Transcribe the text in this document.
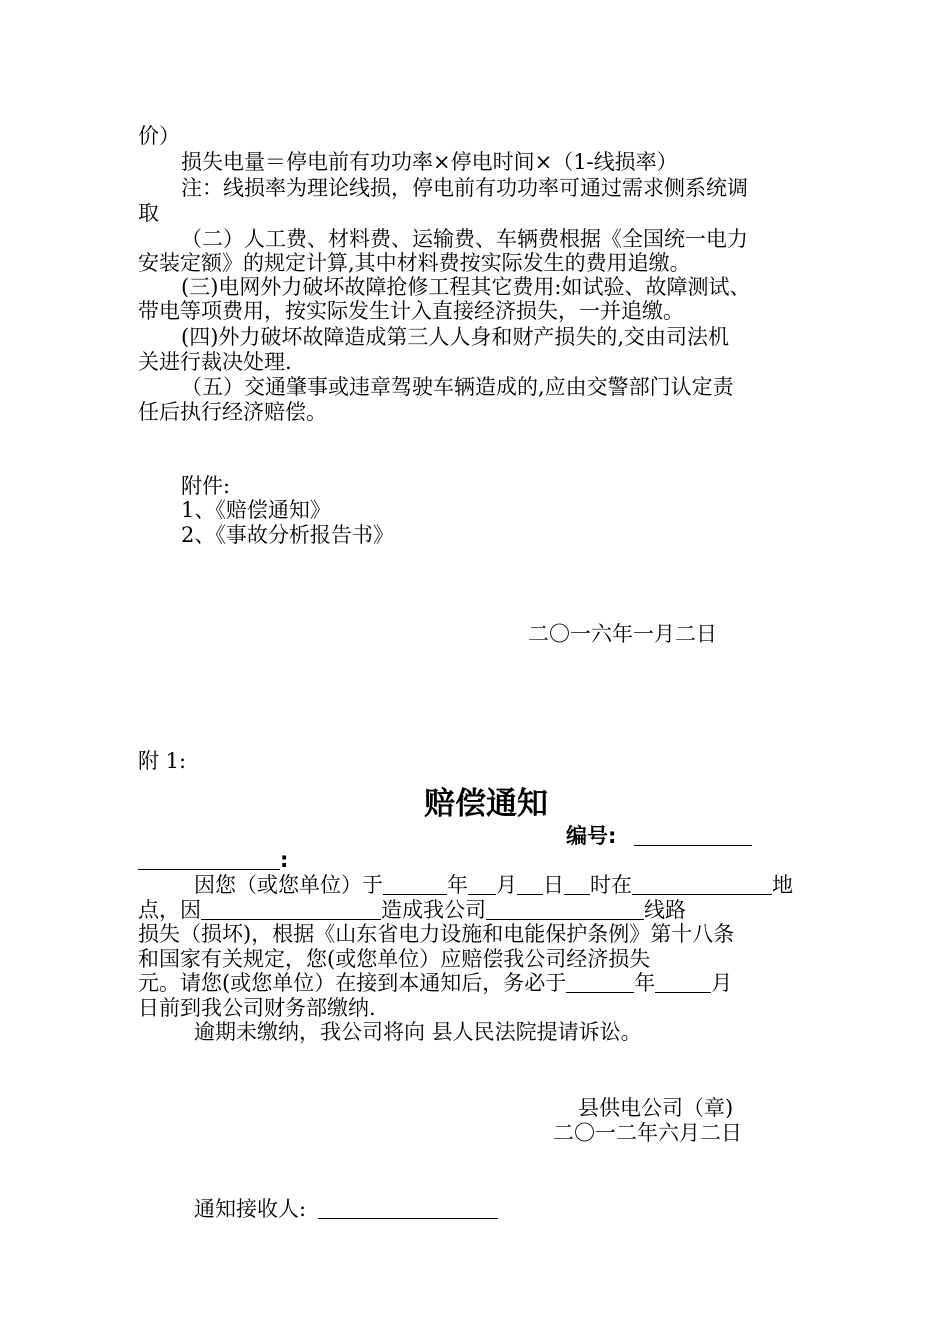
价）

损失电量＝停电前有功功率×停电时间×（1-线损率）

注：线损率为理论线损，停电前有功功率可通过需求侧系统调

取

（二）人工费、材料费、运输费、车辆费根据《全国统一电力

安装定额》的规定计算,其中材料费按实际发生的费用追缴。

(三)电网外力破坏故障抢修工程其它费用:如试验、故障测试、

带电等项费用，按实际发生计入直接经济损失，一并追缴。

(四)外力破坏故障造成第三人人身和财产损失的,交由司法机

关进行裁决处理.

（五）交通肇事或违章驾驶车辆造成的,应由交警部门认定责

任后执行经济赔偿。

附件:

1、《赔偿通知》

2、《事故分析报告书》

二〇一六年一月二日

附 1:

赔偿通知

编号:

:

因您（或您单位）于	年 月 日 时在	地

点，因	造成我公司	线路

损失（损坏)，根据《山东省电力设施和电能保护条例》第十八条

和国家有关规定，您(或您单位）应赔偿我公司经济损失

元。请您(或您单位）在接到本通知后，务必于	年	月

日前到我公司财务部缴纳.

逾期未缴纳，我公司将向 县人民法院提请诉讼。

县供电公司（章)

二〇一二年六月二日

通知接收人:
